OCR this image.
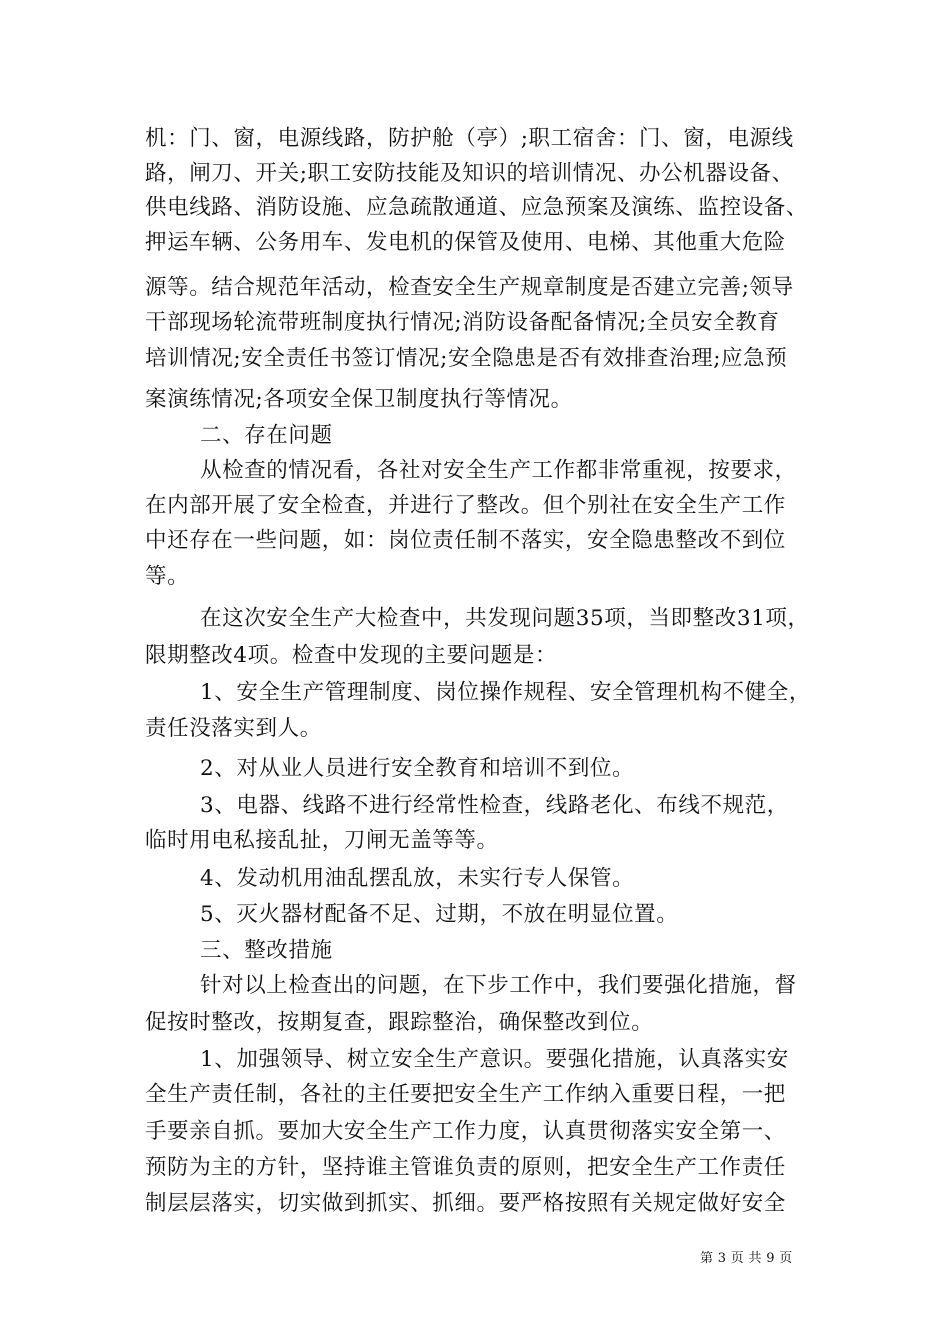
机：门、窗，电源线路，防护舱（亭）;职工宿舍：门、窗，电源线
路，闸刀、开关;职工安防技能及知识的培训情况、办公机器设备、
供电线路、消防设施、应急疏散通道、应急预案及演练、监控设备、
押运车辆、公务用车、发电机的保管及使用、电梯、其他重大危险
源等。结合规范年活动，检查安全生产规章制度是否建立完善;领导
干部现场轮流带班制度执行情况;消防设备配备情况;全员安全教育
培训情况;安全责任书签订情况;安全隐患是否有效排查治理;应急预
案演练情况;各项安全保卫制度执行等情况。
二、存在问题
从检查的情况看，各社对安全生产工作都非常重视，按要求，
在内部开展了安全检查，并进行了整改。但个别社在安全生产工作
中还存在一些问题，如：岗位责任制不落实，安全隐患整改不到位
等。
在这次安全生产大检查中，共发现问题35项，当即整改31项，
限期整改4项。检查中发现的主要问题是：
1、安全生产管理制度、岗位操作规程、安全管理机构不健全，
责任没落实到人。
2、对从业人员进行安全教育和培训不到位。
3、电器、线路不进行经常性检查，线路老化、布线不规范，
临时用电私接乱扯，刀闸无盖等等。
4、发动机用油乱摆乱放，未实行专人保管。
5、灭火器材配备不足、过期，不放在明显位置。
三、整改措施
针对以上检查出的问题，在下步工作中，我们要强化措施，督
促按时整改，按期复查，跟踪整治，确保整改到位。
1、加强领导、树立安全生产意识。要强化措施，认真落实安
全生产责任制，各社的主任要把安全生产工作纳入重要日程，一把
手要亲自抓。要加大安全生产工作力度，认真贯彻落实安全第一、
预防为主的方针，坚持谁主管谁负责的原则，把安全生产工作责任
制层层落实，切实做到抓实、抓细。要严格按照有关规定做好安全
第 3 页 共 9 页
